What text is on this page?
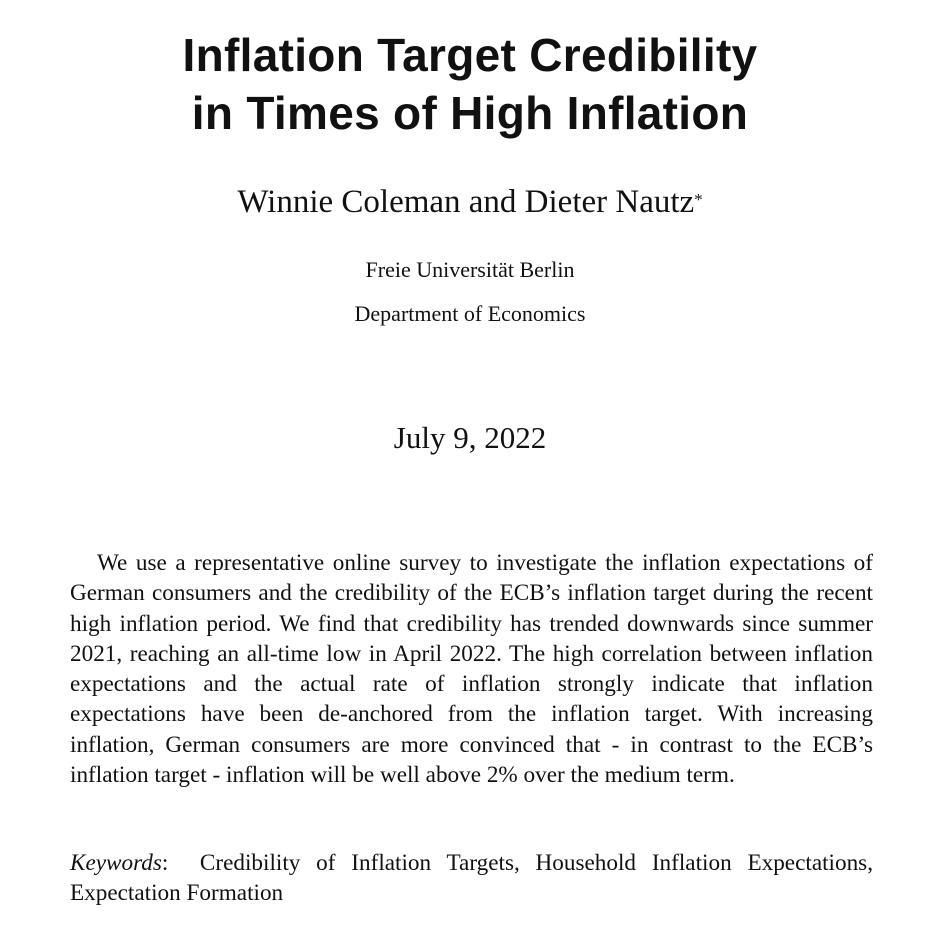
Inflation Target Credibility
in Times of High Inflation
Winnie Coleman and Dieter Nautz*
Freie Universität Berlin
Department of Economics
July 9, 2022

We use a representative online survey to investigate the inflation expectations of German consumers and the credibility of the ECB’s inflation target during the recent high inflation period. We find that credibility has trended downwards since summer 2021, reaching an all-time low in April 2022. The high correlation between inflation expectations and the actual rate of inflation strongly indicate that inflation expectations have been de-anchored from the inflation target. With increasing inflation, German consumers are more convinced that - in contrast to the ECB’s inflation target - inflation will be well above 2% over the medium term.

Keywords: Credibility of Inflation Targets, Household Inflation Expectations, Expectation Formation
